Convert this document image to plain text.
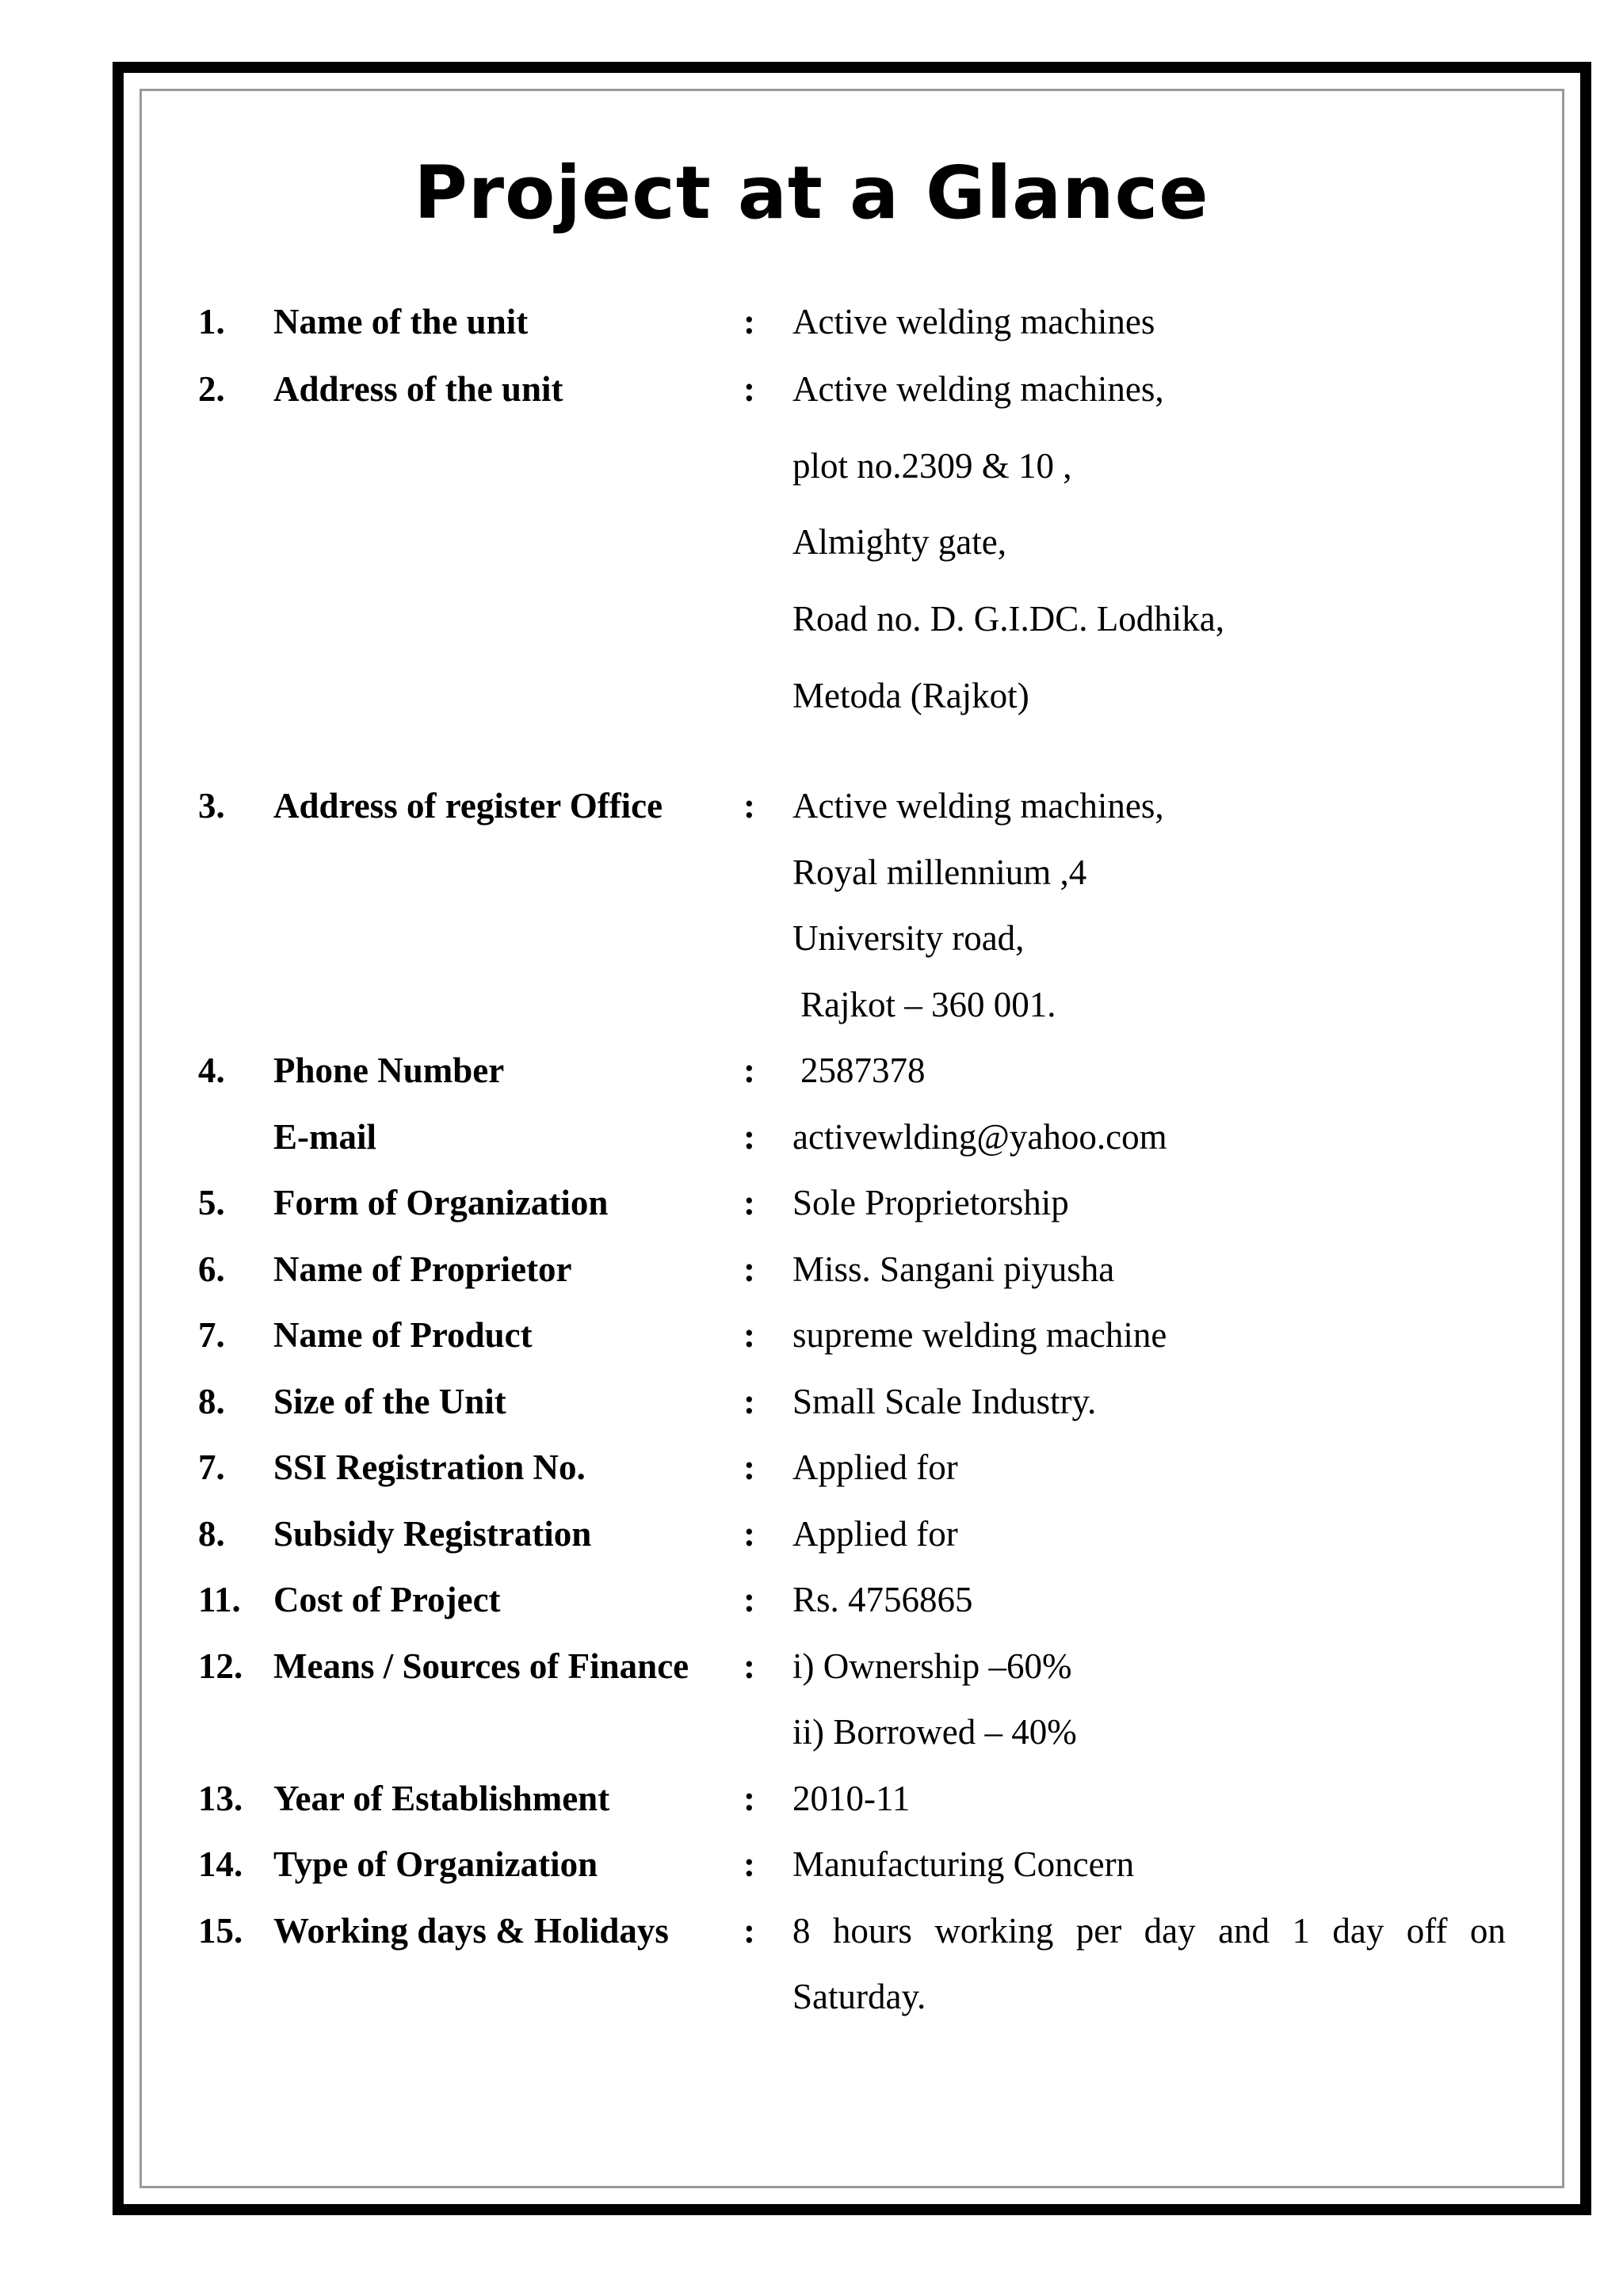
Project at a Glance
1. Name of the unit	: Active welding machines
2. Address of the unit	: Active welding machines,
plot no.2309 & 10 ,
Almighty gate,
Road no. D. G.I.DC. Lodhika,
Metoda (Rajkot)
3. Address of register Office : Active welding machines,
Royal millennium ,4
University road,
Rajkot – 360 001.
4. Phone Number	: 2587378
E-mail	: activewlding@yahoo.com
5. Form of Organization	: Sole Proprietorship
6. Name of Proprietor	: Miss. Sangani piyusha
7. Name of Product	: supreme welding machine
8. Size of the Unit	: Small Scale Industry.
7. SSI Registration No.	: Applied for
8. Subsidy Registration	: Applied for
11. Cost of Project	: Rs. 4756865
12. Means / Sources of Finance : i) Ownership –60%
ii) Borrowed – 40%
13. Year of Establishment	: 2010-11
14. Type of Organization	: Manufacturing Concern
15. Working days & Holidays : 8 hours working per day and 1 day off on
Saturday.
